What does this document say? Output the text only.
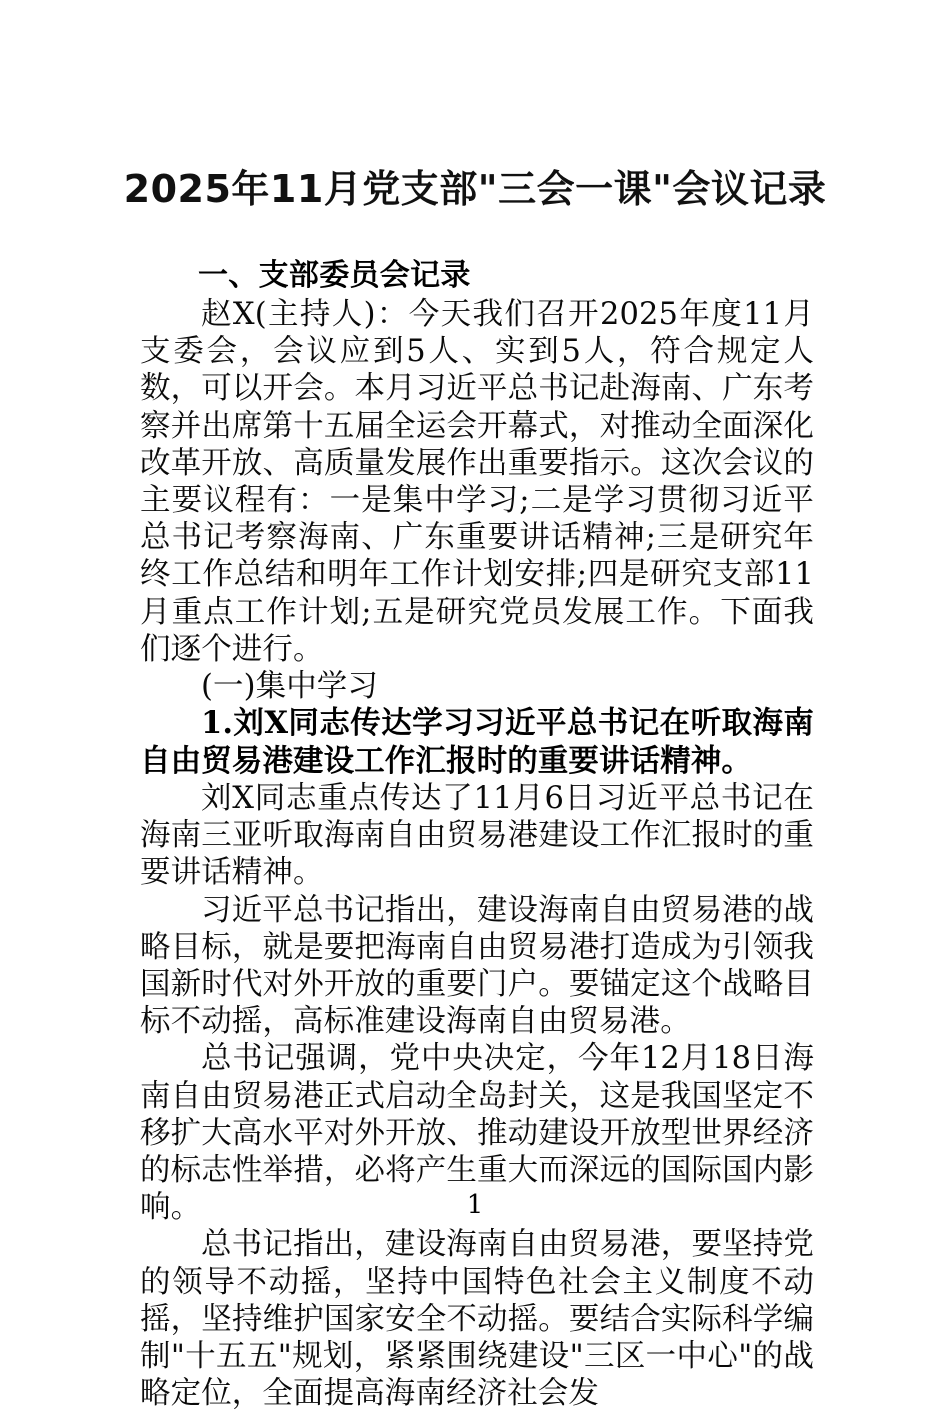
2025年11月党支部"三会一课"会议记录

一、支部委员会记录

赵X(主持人)：今天我们召开2025年度11月支委会，会议应到5人、实到5人，符合规定人数，可以开会。本月习近平总书记赴海南、广东考察并出席第十五届全运会开幕式，对推动全面深化改革开放、高质量发展作出重要指示。这次会议的主要议程有：一是集中学习;二是学习贯彻习近平总书记考察海南、广东重要讲话精神;三是研究年终工作总结和明年工作计划安排;四是研究支部11月重点工作计划;五是研究党员发展工作。下面我们逐个进行。

(一)集中学习

1.刘X同志传达学习习近平总书记在听取海南自由贸易港建设工作汇报时的重要讲话精神。

刘X同志重点传达了11月6日习近平总书记在海南三亚听取海南自由贸易港建设工作汇报时的重要讲话精神。

习近平总书记指出，建设海南自由贸易港的战略目标，就是要把海南自由贸易港打造成为引领我国新时代对外开放的重要门户。要锚定这个战略目标不动摇，高标准建设海南自由贸易港。

总书记强调，党中央决定，今年12月18日海南自由贸易港正式启动全岛封关，这是我国坚定不移扩大高水平对外开放、推动建设开放型世界经济的标志性举措，必将产生重大而深远的国际国内影响。

总书记指出，建设海南自由贸易港，要坚持党的领导不动摇，坚持中国特色社会主义制度不动摇，坚持维护国家安全不动摇。要结合实际科学编制"十五五"规划，紧紧围绕建设"三区一中心"的战略定位，全面提高海南经济社会发

1
